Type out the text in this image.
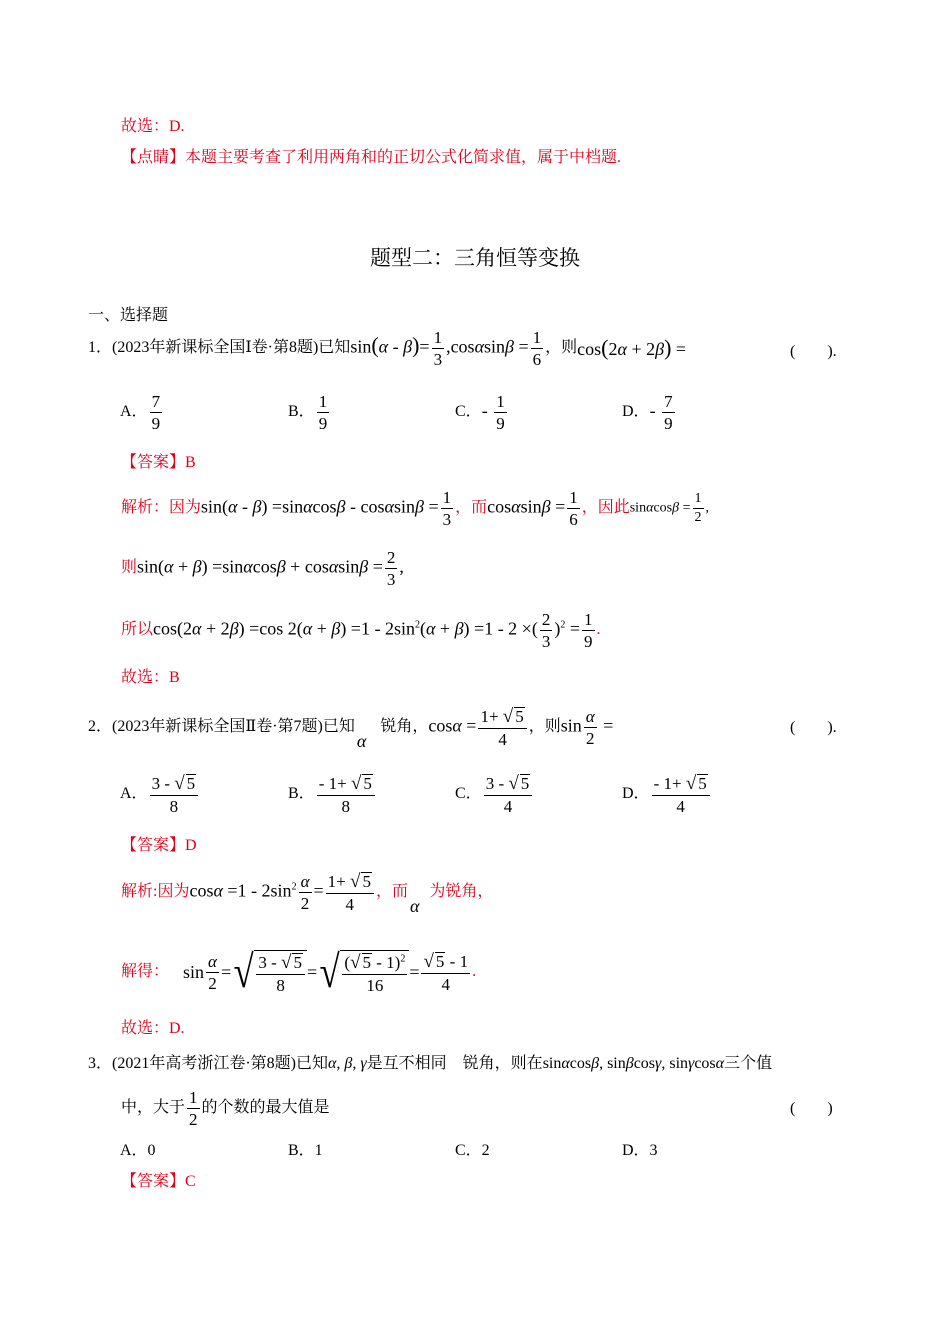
故选：D.
【点睛】本题主要考查了利用两角和的正切公式化简求值，属于中档题.
题型二：三角恒等变换
一、选择题
1．(2023年新课标全国Ⅰ卷·第8题)已知 $\sin(\alpha - \beta)= \frac{1}{3} ,\cos\alpha\sin\beta = \frac{1}{6}$ ，则 cos(2α + 2β) =	(　　).
A． $\frac{7}{9}$	B． $\frac{1}{9}$	C． - $\frac{1}{9}$	D． - $\frac{7}{9}$
【答案】B
解析：因为 $\sin(\alpha - \beta) =\sin\alpha\cos\beta - \cos\alpha\sin\beta = \frac{1}{3}$ ，而 $\cos\alpha\sin\beta = \frac{1}{6}$ ，因此 $\sin\alpha\cos\beta = \frac{1}{2}$ ,
则 $\sin(\alpha + \beta) =\sin\alpha\cos\beta + \cos\alpha\sin\beta = \frac{2}{3}$ ,
所以 cos(2α + 2β) =cos $2(\alpha + \beta) =1 - 2\sin^2(\alpha + \beta) =1 - 2$ ×( $\frac{2}{3} )^2 = \frac{1}{9}$ .
故选：B
2．(2023年新课标全国Ⅱ卷·第7题)已知
α
锐角， $\cos\alpha = \frac{1+ √ 5}{4}$ ，则 $\sin \frac{\alpha}{2}$ =	(　　).
A． $\frac{3 - √ 5}{8}$	B． $\frac{- 1+ √ 5}{8}$	C． $\frac{3 - √ 5}{4}$	D． $\frac{- 1+ √ 5}{4}$
【答案】D
解析:因为 $\cos\alpha =1 - 2\sin^2 \frac{\alpha}{2} = \frac{1+ √ 5}{4}$ ，而
α
为锐角，
解得： $\sin \frac{\alpha}{2}$ = √ $\frac{3 - √ 5}{8}$ = √ $\frac{(√ 5 - 1)^2}{16} = \frac{√ 5 - 1}{4}$ .
故选：D.
3．(2021年高考浙江卷·第8题)已知 α, β, γ 是互不相同　锐角，则在 sinαcosβ, sinβcosγ, sinγcosα 三个值
中，大于 $\frac{1}{2}$ 的个数的最大值是	(　　)
A．0	B．1	C．2	D．3
【答案】C
